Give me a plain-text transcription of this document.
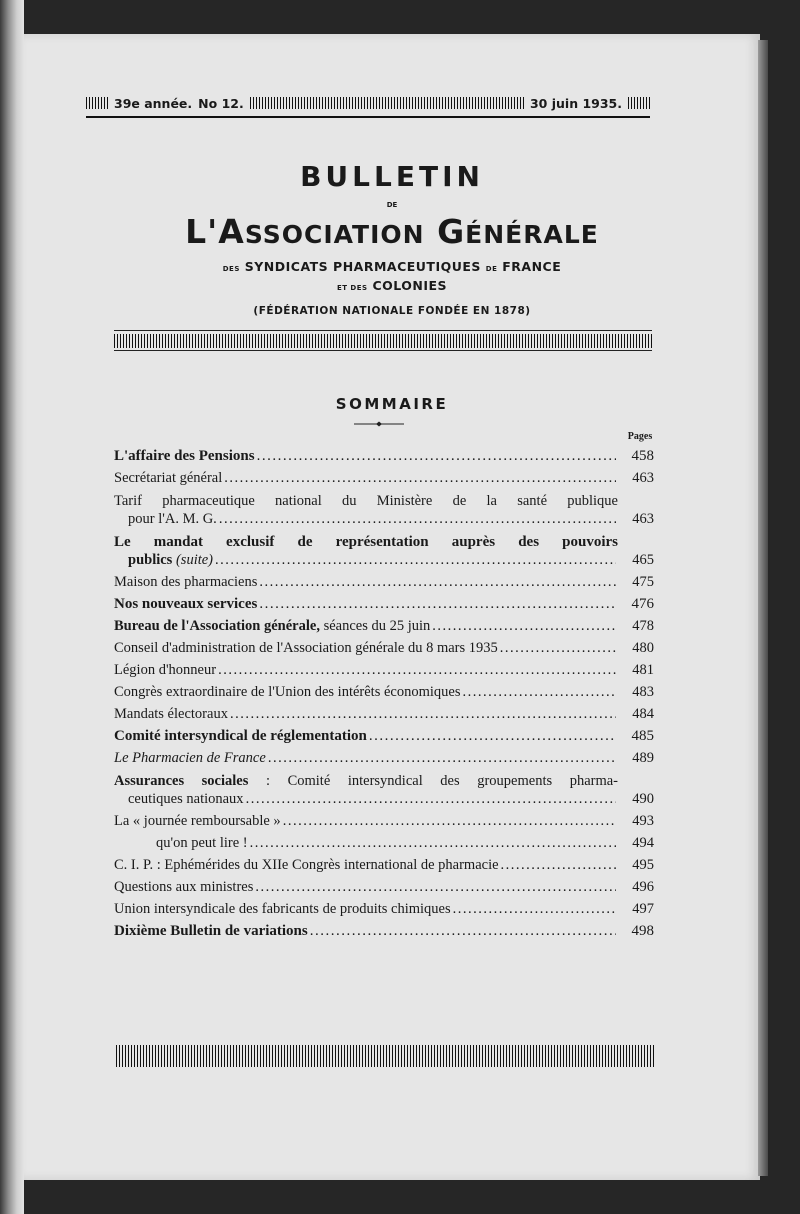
39e année. No 12.	30 juin 1935.
BULLETIN
DE
L'ASSOCIATION GÉNÉRALE
DES SYNDICATS PHARMACEUTIQUES DE FRANCE
ET DES COLONIES
(FÉDÉRATION NATIONALE FONDÉE EN 1878)
SOMMAIRE
Pages
L'affaire des Pensions .....	458
Secrétariat général .....	463
Tarif pharmaceutique national du Ministère de la santé publique
pour l'A. M. G. .....	463
Le mandat exclusif de représentation auprès des pouvoirs
publics (suite) .....	465
Maison des pharmaciens .....	475
Nos nouveaux services .....	476
Bureau de l'Association générale, séances du 25 juin .....	478
Conseil d'administration de l'Association générale du 8 mars 1935 .....	480
Légion d'honneur .....	481
Congrès extraordinaire de l'Union des intérêts économiques .....	483
Mandats électoraux .....	484
Comité intersyndical de réglementation .....	485
Le Pharmacien de France .....	489
Assurances sociales : Comité intersyndical des groupements pharma-
ceutiques nationaux .....	490
La « journée remboursable » .....	493
qu'on peut lire ! .....	494
C. I. P. : Ephémérides du XIIe Congrès international de pharmacie .....	495
Questions aux ministres .....	496
Union intersyndicale des fabricants de produits chimiques .....	497
Dixième Bulletin de variations .....	498
